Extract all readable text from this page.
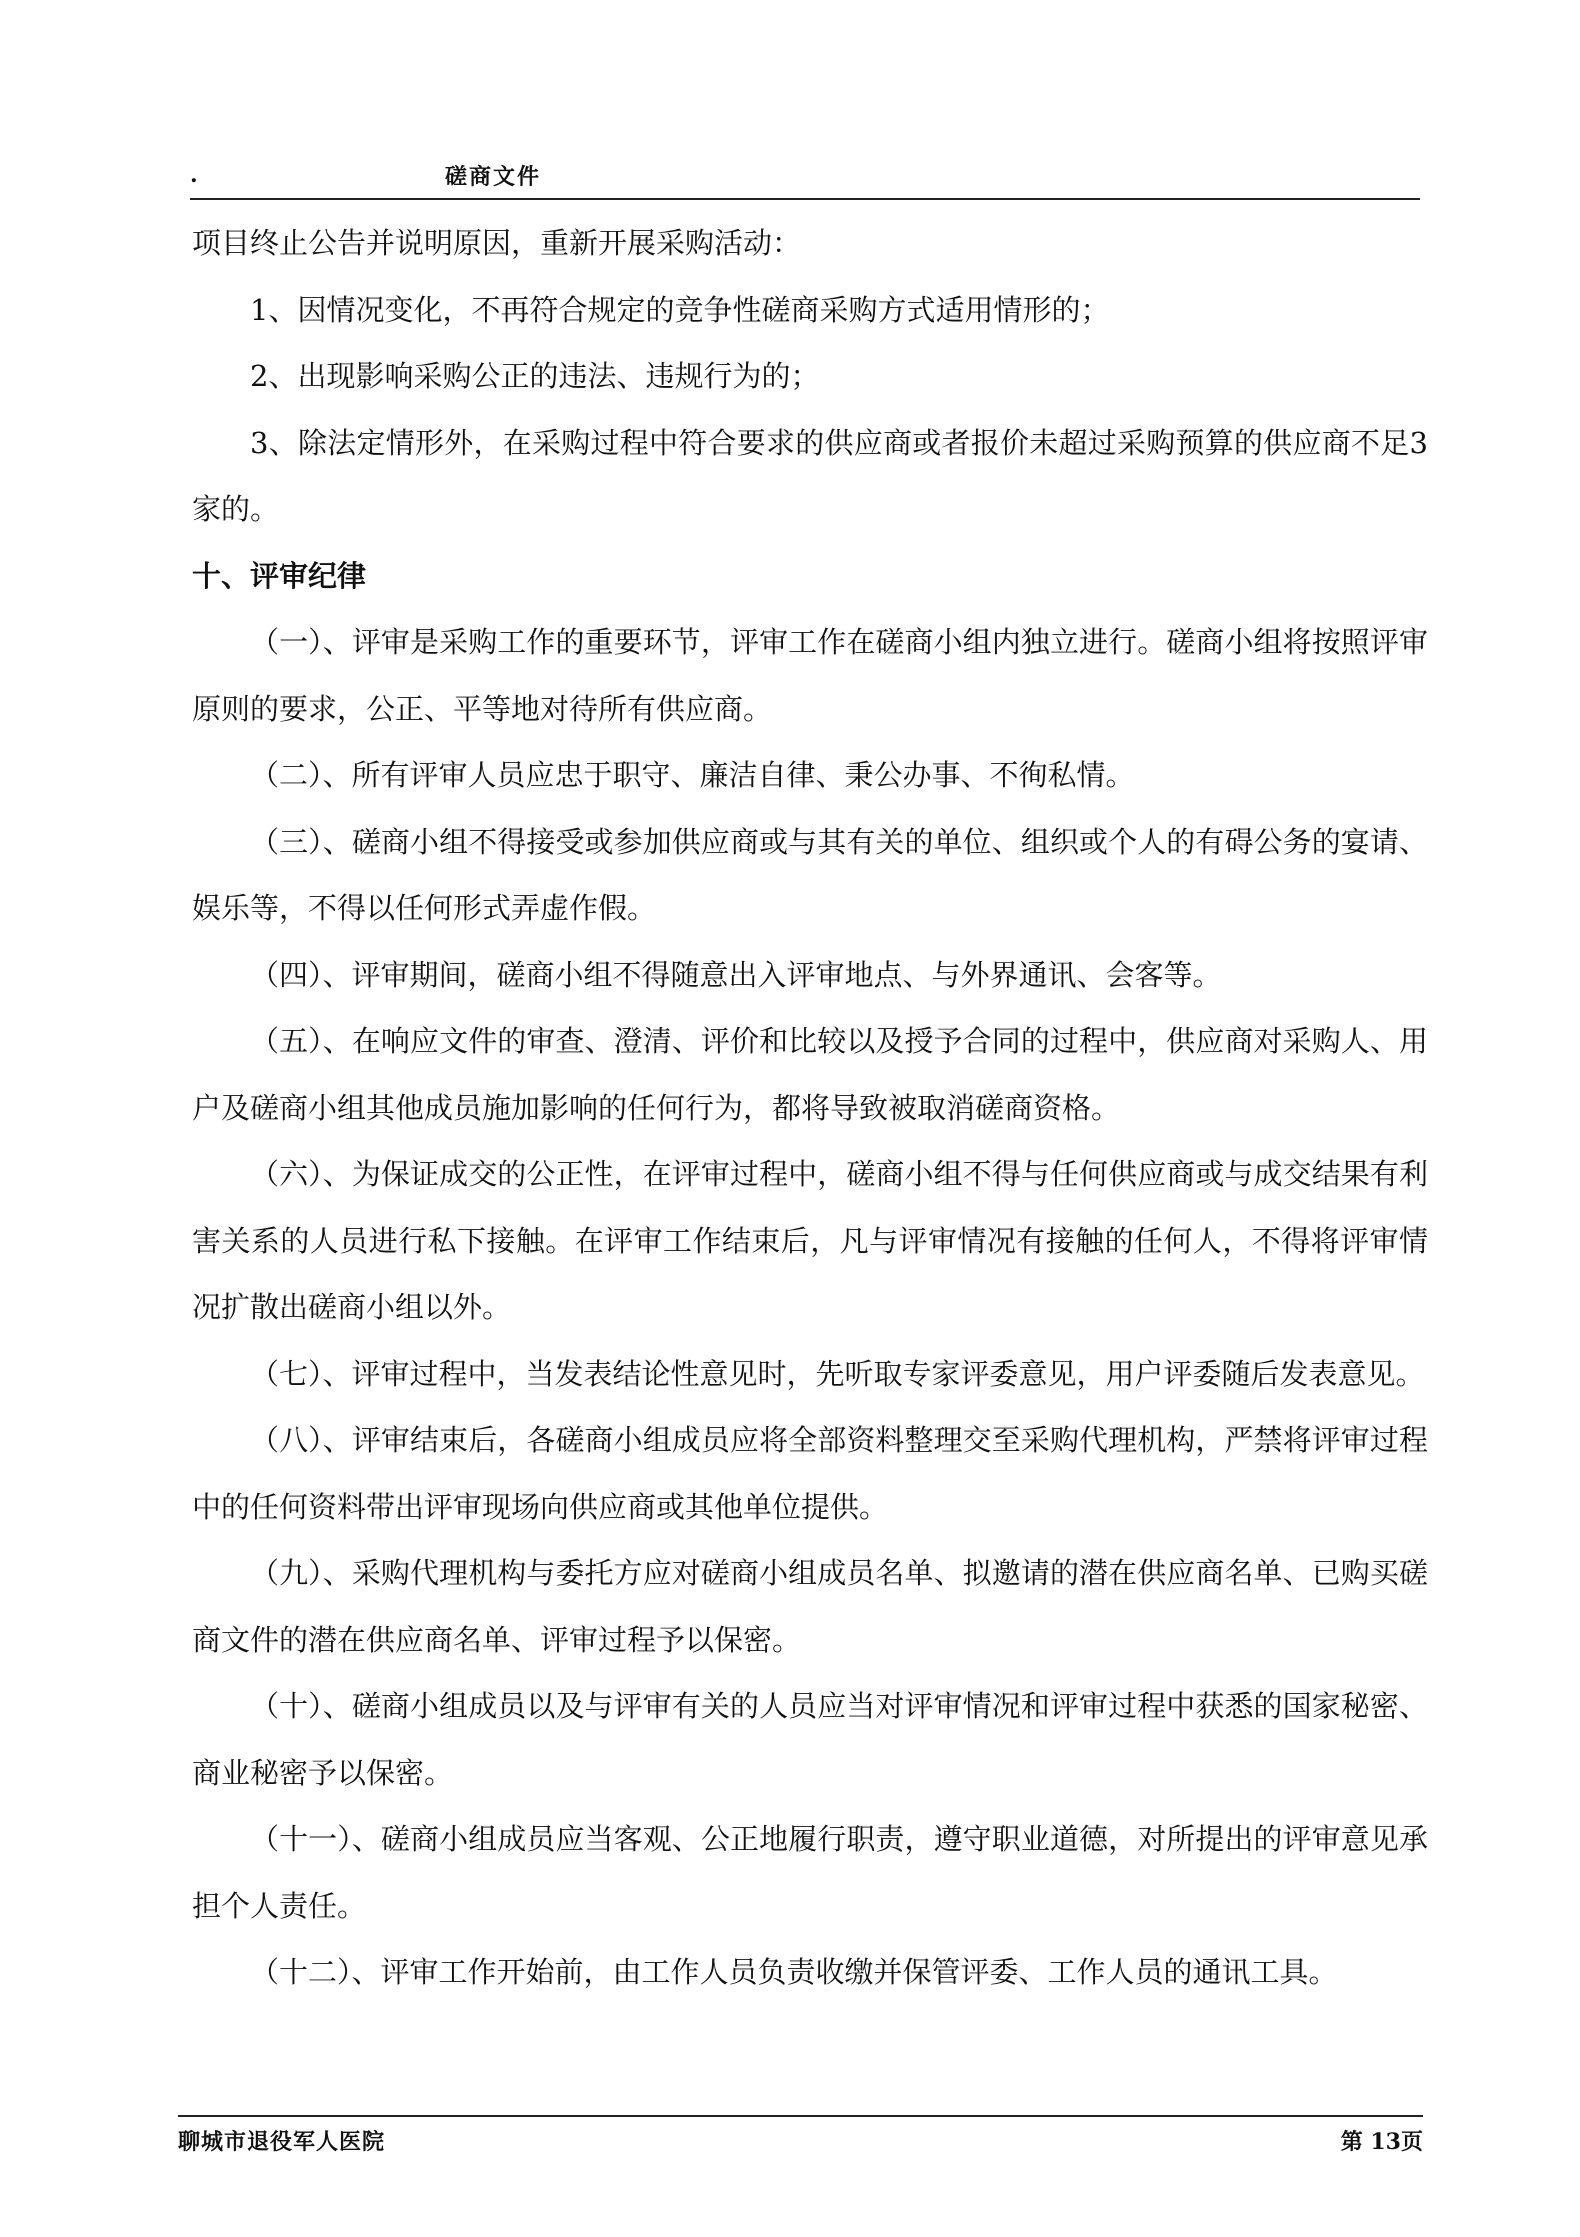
.	磋商文件

项目终止公告并说明原因，重新开展采购活动：

1、因情况变化，不再符合规定的竞争性磋商采购方式适用情形的；

2、出现影响采购公正的违法、违规行为的；

3、除法定情形外，在采购过程中符合要求的供应商或者报价未超过采购预算的供应商不足3家的。

十、评审纪律

（一）、评审是采购工作的重要环节，评审工作在磋商小组内独立进行。磋商小组将按照评审原则的要求，公正、平等地对待所有供应商。

（二）、所有评审人员应忠于职守、廉洁自律、秉公办事、不徇私情。

（三）、磋商小组不得接受或参加供应商或与其有关的单位、组织或个人的有碍公务的宴请、娱乐等，不得以任何形式弄虚作假。

（四）、评审期间，磋商小组不得随意出入评审地点、与外界通讯、会客等。

（五）、在响应文件的审查、澄清、评价和比较以及授予合同的过程中，供应商对采购人、用户及磋商小组其他成员施加影响的任何行为，都将导致被取消磋商资格。

（六）、为保证成交的公正性，在评审过程中，磋商小组不得与任何供应商或与成交结果有利害关系的人员进行私下接触。在评审工作结束后，凡与评审情况有接触的任何人，不得将评审情况扩散出磋商小组以外。

（七）、评审过程中，当发表结论性意见时，先听取专家评委意见，用户评委随后发表意见。

（八）、评审结束后，各磋商小组成员应将全部资料整理交至采购代理机构，严禁将评审过程中的任何资料带出评审现场向供应商或其他单位提供。

（九）、采购代理机构与委托方应对磋商小组成员名单、拟邀请的潜在供应商名单、已购买磋商文件的潜在供应商名单、评审过程予以保密。

（十）、磋商小组成员以及与评审有关的人员应当对评审情况和评审过程中获悉的国家秘密、商业秘密予以保密。

（十一）、磋商小组成员应当客观、公正地履行职责，遵守职业道德，对所提出的评审意见承担个人责任。

（十二）、评审工作开始前，由工作人员负责收缴并保管评委、工作人员的通讯工具。

聊城市退役军人医院	第 13页
